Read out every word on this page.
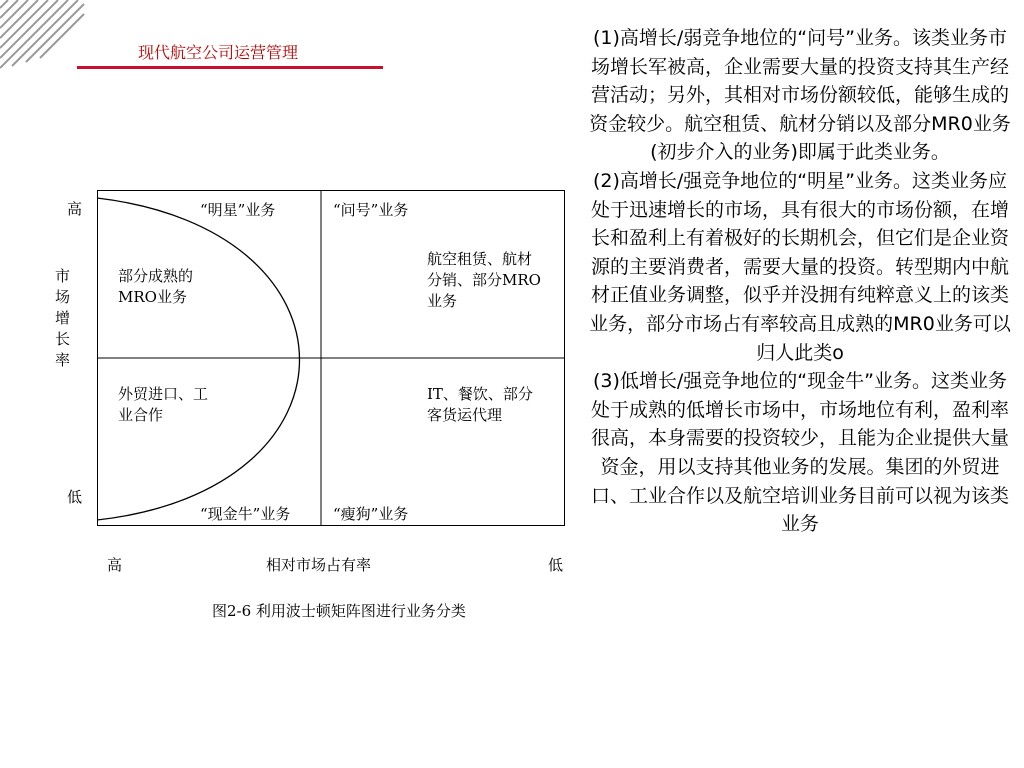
现代航空公司运营管理
高
市场增长率
低
高	相对市场占有率	低
“明星”业务	“问号”业务
部分成熟的MRO业务
航空租赁、航材分销、部分MRO业务
外贸进口、工业合作
IT、餐饮、部分客货运代理
“现金牛”业务	“瘦狗”业务
图2-6 利用波士顿矩阵图进行业务分类

(1)高增长/弱竞争地位的“问号”业务。该类业务市场增长军被高，企业需要大量的投资支持其生产经营活动；另外，其相对市场份额较低，能够生成的资金较少。航空租赁、航材分销以及部分MR0业务(初步介入的业务)即属于此类业务。

(2)高增长/强竞争地位的“明星”业务。这类业务应处于迅速增长的市场，具有很大的市场份额，在增长和盈利上有着极好的长期机会，但它们是企业资源的主要消费者，需要大量的投资。转型期内中航材正值业务调整，似乎并没拥有纯粹意义上的该类业务，部分市场占有率较高且成熟的MR0业务可以归人此类o

(3)低增长/强竞争地位的“现金牛”业务。这类业务处于成熟的低增长市场中，市场地位有利，盈利率很高，本身需要的投资较少，且能为企业提供大量资金，用以支持其他业务的发展。集团的外贸进口、工业合作以及航空培训业务目前可以视为该类业务
